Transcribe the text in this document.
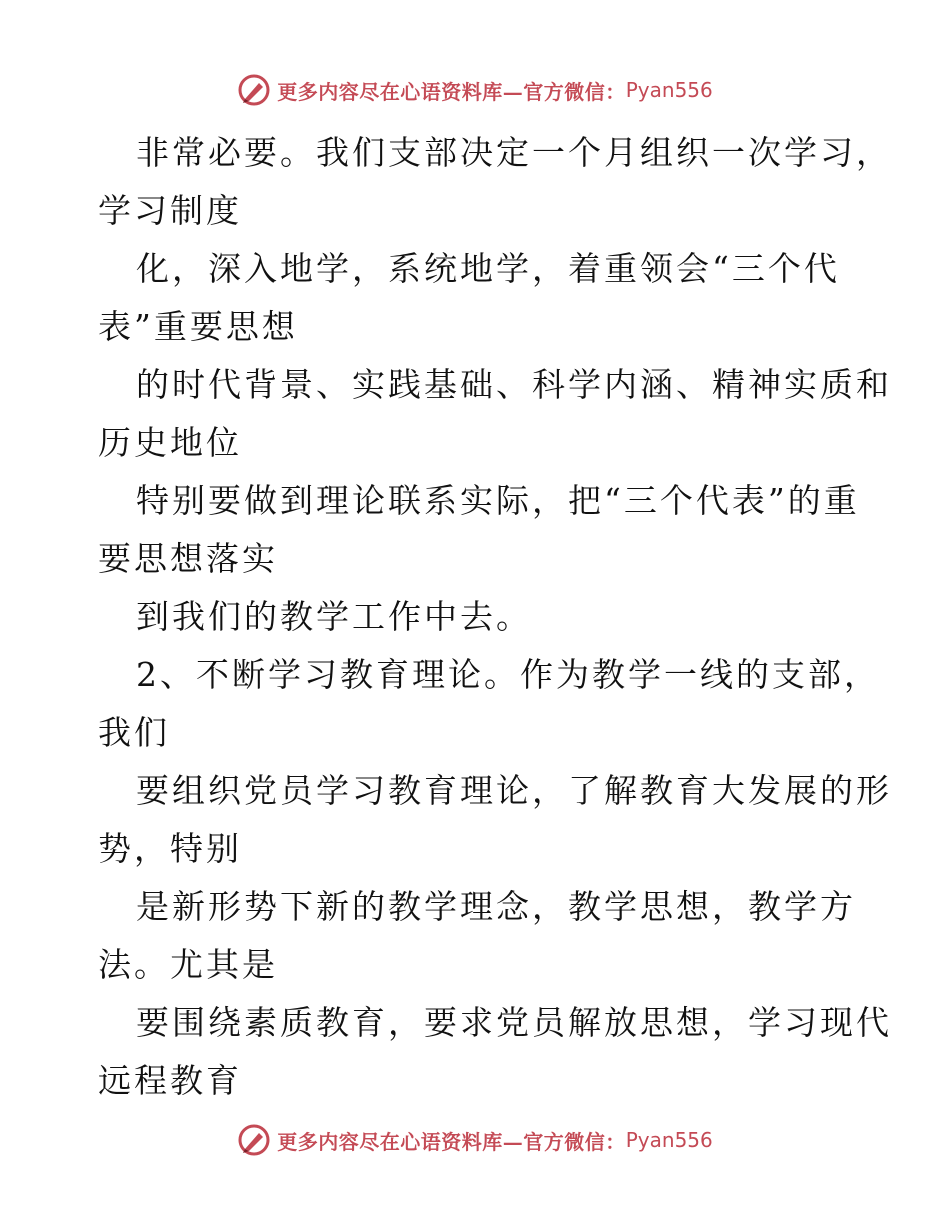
更多内容尽在心语资料库—官方微信： Pyan556

非常必要。我们支部决定一个月组织一次学习，
学习制度

化，深入地学，系统地学，着重领会“三个代
表”重要思想

的时代背景、实践基础、科学内涵、精神实质和
历史地位

特别要做到理论联系实际，把“三个代表”的重
要思想落实

到我们的教学工作中去。

2、不断学习教育理论。作为教学一线的支部，
我们

要组织党员学习教育理论，了解教育大发展的形
势，特别

是新形势下新的教学理念，教学思想，教学方
法。尤其是

要围绕素质教育，要求党员解放思想，学习现代
远程教育

更多内容尽在心语资料库—官方微信： Pyan556
